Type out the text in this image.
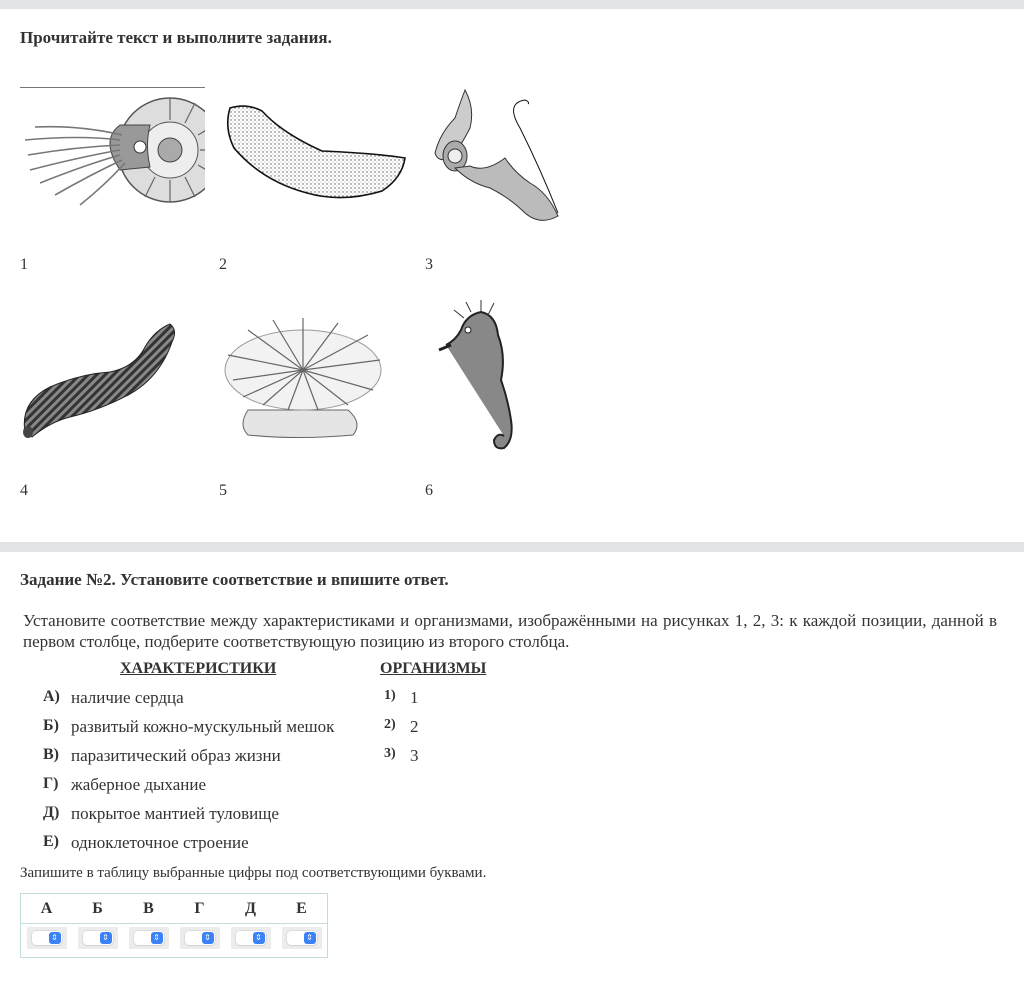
Прочитайте текст и выполните задания.
1	2	3
4	5	6
Задание №2. Установите соответствие и впишите ответ.
Установите соответствие между характеристиками и организмами, изображёнными на рисунках 1, 2, 3: к каждой позиции, данной в первом столбце, подберите соответствующую позицию из второго столбца.
ХАРАКТЕРИСТИКИ	ОРГАНИЗМЫ
А) наличие сердца
Б) развитый кожно-мускульный мешок
В) паразитический образ жизни
Г) жаберное дыхание
Д) покрытое мантией туловище
Е) одноклеточное строение
1) 1
2) 2
3) 3
Запишите в таблицу выбранные цифры под соответствующими буквами.
А	Б	В	Г	Д	Е

⇕	⇕	⇕	⇕	⇕	⇕
